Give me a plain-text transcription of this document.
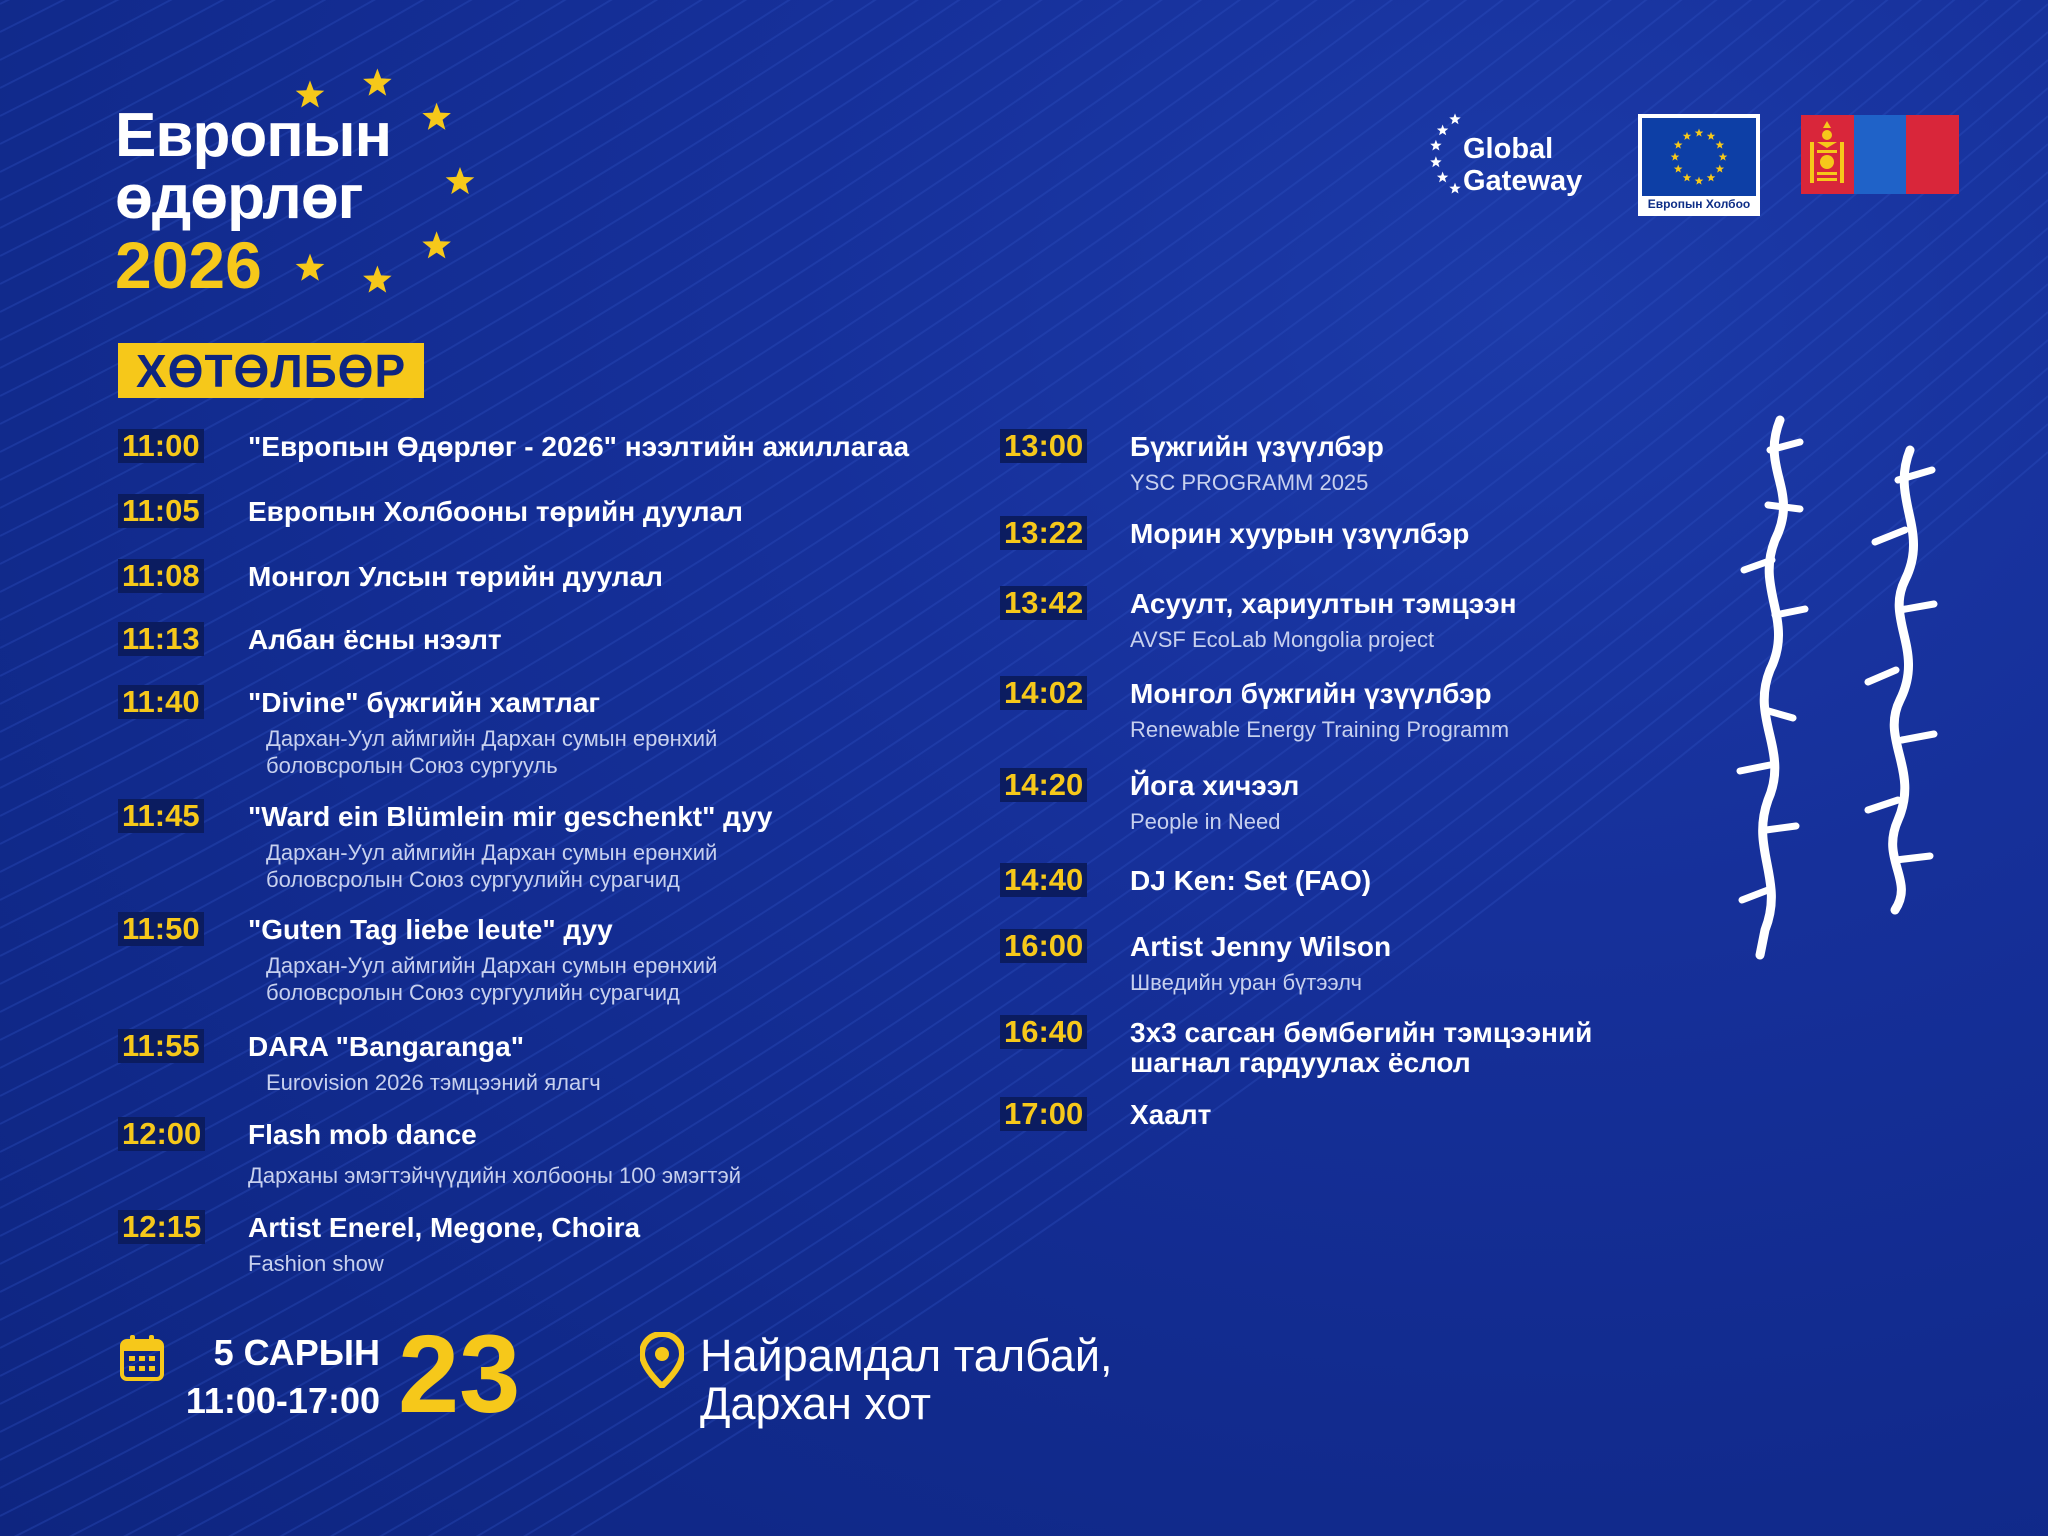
Европын
өдөрлөг
2026
Global
Gateway
Европын Холбоо
ХӨТӨЛБӨР
11:00 "Европын Өдөрлөг - 2026" нээлтийн ажиллагаа
11:05 Европын Холбооны төрийн дуулал
11:08 Монгол Улсын төрийн дуулал
11:13 Албан ёсны нээлт
11:40 "Divine" бүжгийн хамтлаг
Дархан-Уул аймгийн Дархан сумын ерөнхий
боловсролын Союз сургууль
11:45 "Ward ein Blümlein mir geschenkt" дуу
Дархан-Уул аймгийн Дархан сумын ерөнхий
боловсролын Союз сургуулийн сурагчид
11:50 "Guten Tag liebe leute" дуу
Дархан-Уул аймгийн Дархан сумын ерөнхий
боловсролын Союз сургуулийн сурагчид
11:55 DARA "Bangaranga"
Eurovision 2026 тэмцээний ялагч
12:00 Flash mob dance
Дарханы эмэгтэйчүүдийн холбооны 100 эмэгтэй
12:15 Artist Enerel, Megone, Choira
Fashion show
13:00 Бүжгийн үзүүлбэр
YSC PROGRAMM 2025
13:22 Морин хуурын үзүүлбэр
13:42 Асуулт, хариултын тэмцээн
AVSF EcoLab Mongolia project
14:02 Монгол бүжгийн үзүүлбэр
Renewable Energy Training Programm
14:20 Йога хичээл
People in Need
14:40 DJ Ken: Set (FAO)
16:00 Artist Jenny Wilson
Шведийн уран бүтээлч
16:40 3x3 сагсан бөмбөгийн тэмцээний
шагнал гардуулах ёслол
17:00 Хаалт
5 САРЫН
11:00-17:00 23	Найрамдал талбай,
Дархан хот
